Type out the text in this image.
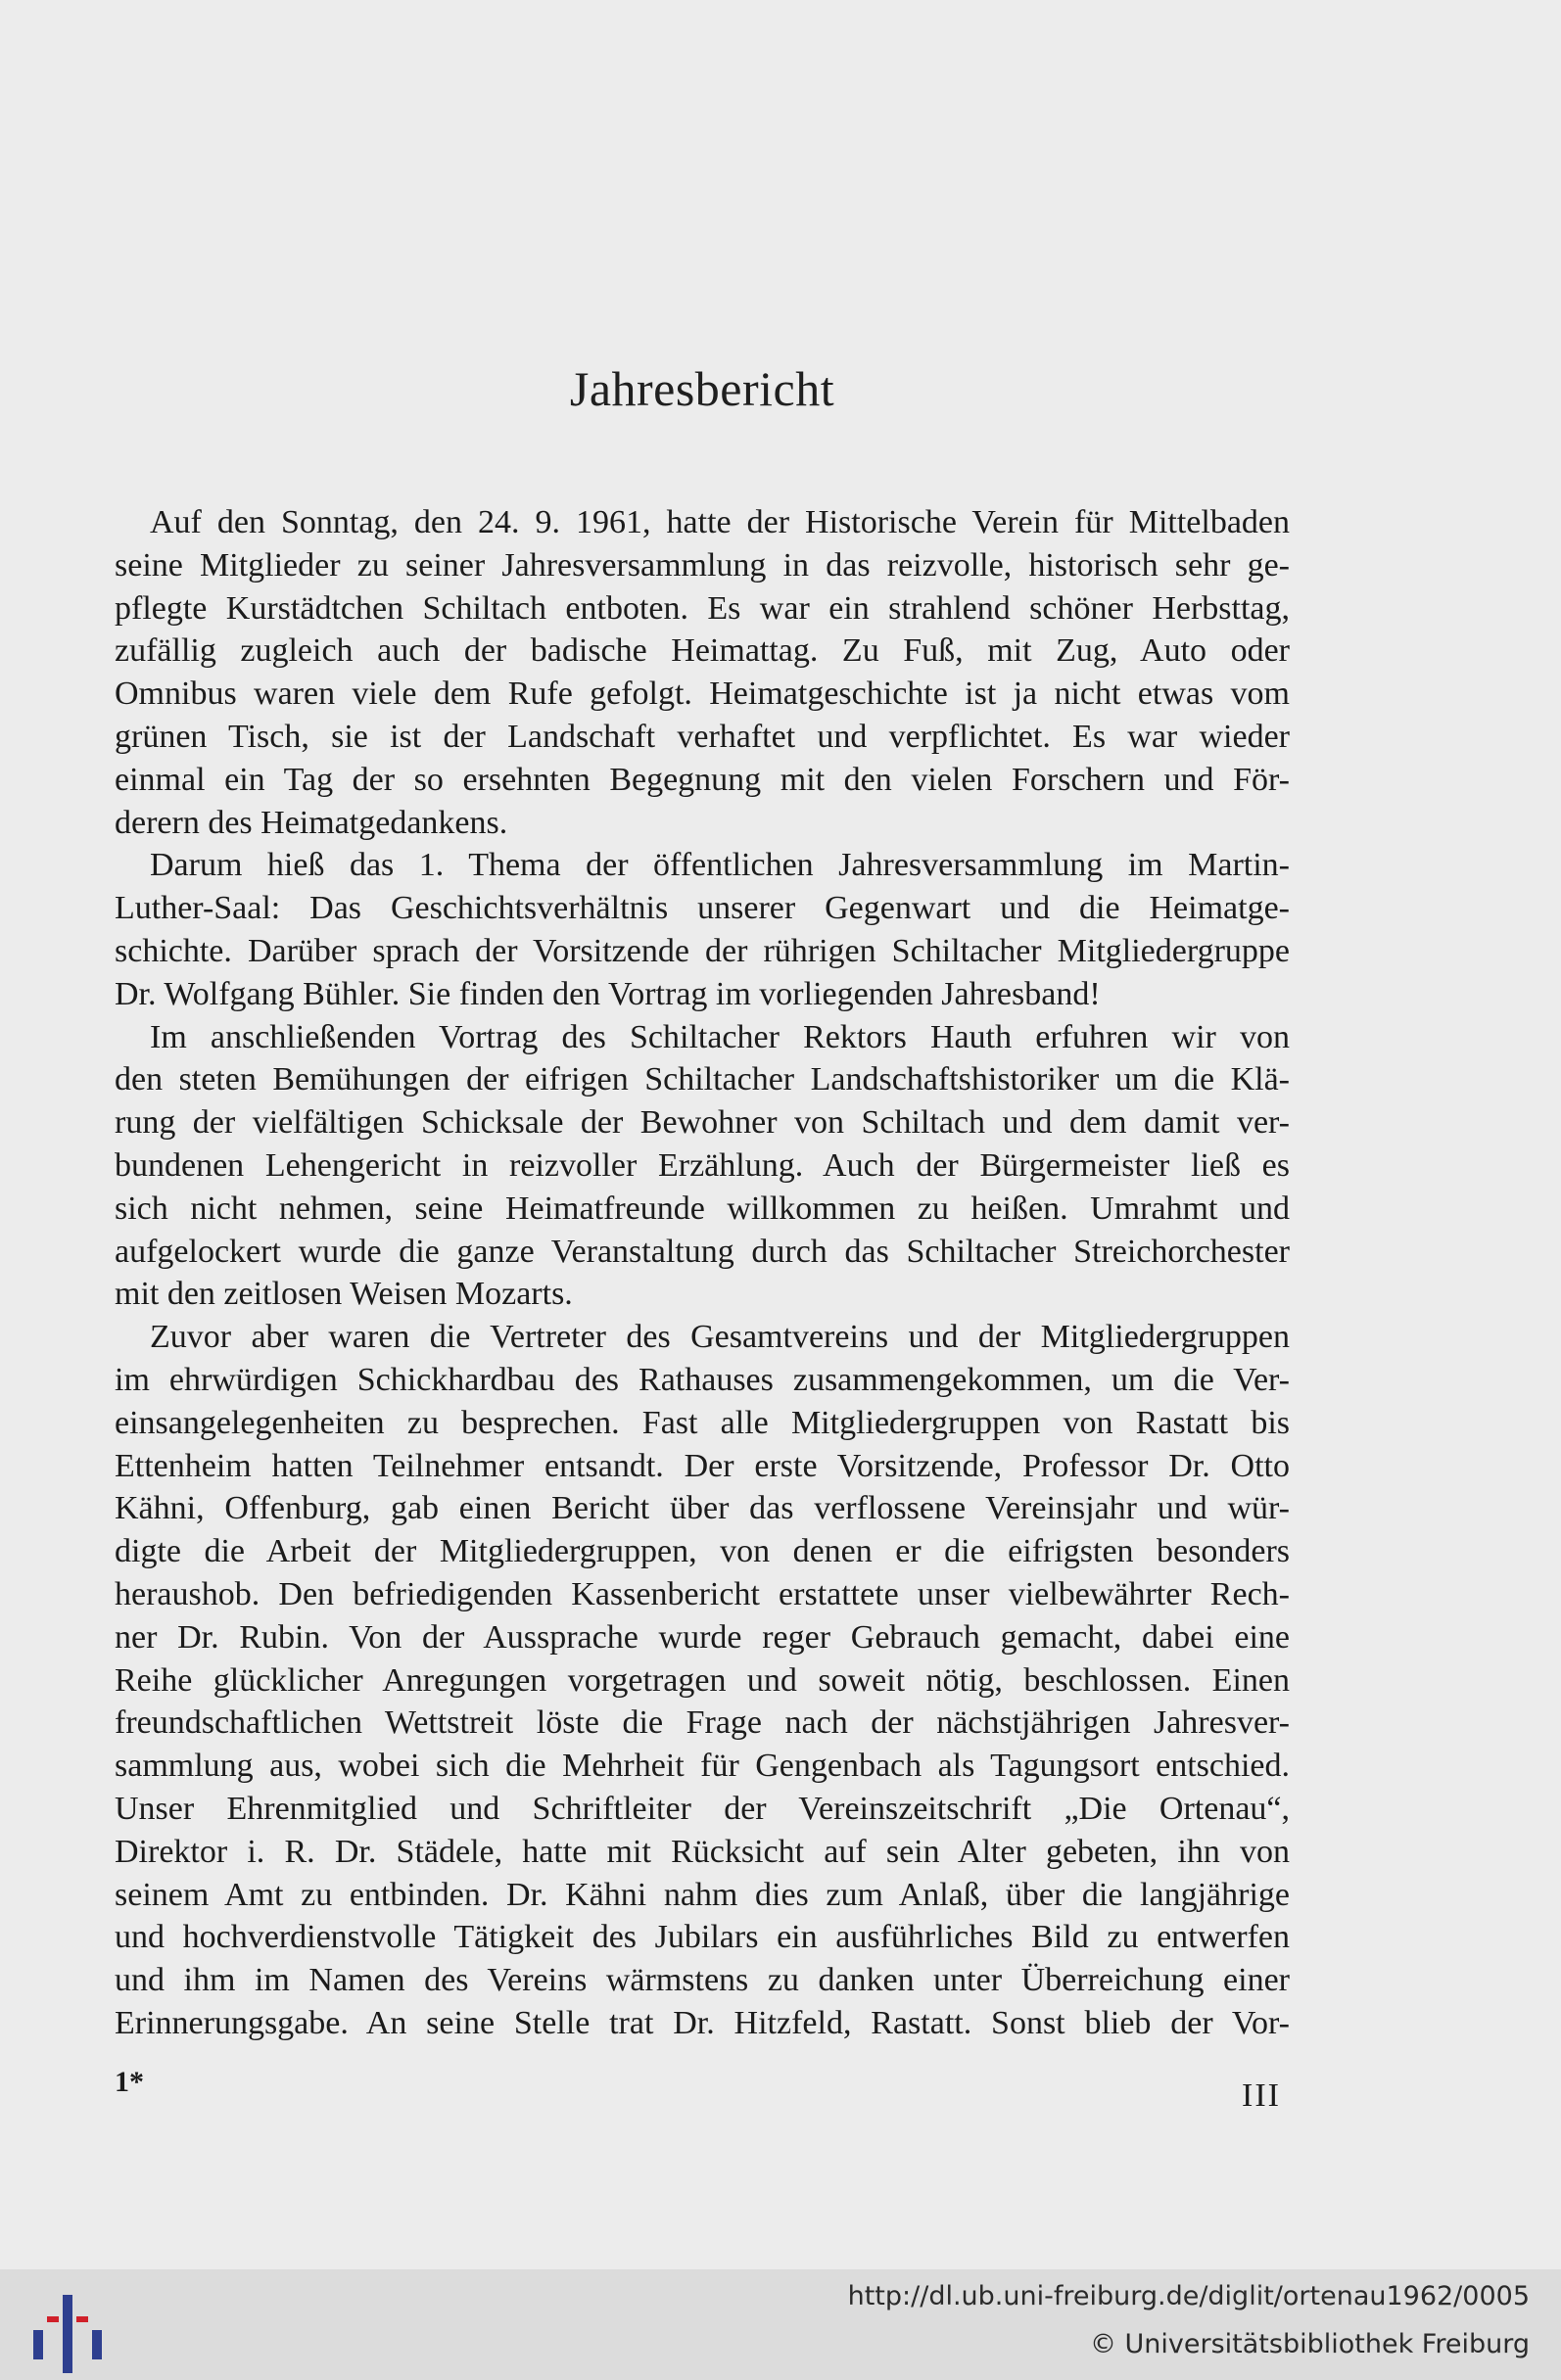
Jahresbericht

Auf den Sonntag, den 24. 9. 1961, hatte der Historische Verein für Mittelbaden
seine Mitglieder zu seiner Jahresversammlung in das reizvolle, historisch sehr ge-
pflegte Kurstädtchen Schiltach entboten. Es war ein strahlend schöner Herbsttag,
zufällig zugleich auch der badische Heimattag. Zu Fuß, mit Zug, Auto oder
Omnibus waren viele dem Rufe gefolgt. Heimatgeschichte ist ja nicht etwas vom
grünen Tisch, sie ist der Landschaft verhaftet und verpflichtet. Es war wieder
einmal ein Tag der so ersehnten Begegnung mit den vielen Forschern und För-
derern des Heimatgedankens.

Darum hieß das 1. Thema der öffentlichen Jahresversammlung im Martin-
Luther-Saal: Das Geschichtsverhältnis unserer Gegenwart und die Heimatge-
schichte. Darüber sprach der Vorsitzende der rührigen Schiltacher Mitgliedergruppe
Dr. Wolfgang Bühler. Sie finden den Vortrag im vorliegenden Jahresband!

Im anschließenden Vortrag des Schiltacher Rektors Hauth erfuhren wir von
den steten Bemühungen der eifrigen Schiltacher Landschaftshistoriker um die Klä-
rung der vielfältigen Schicksale der Bewohner von Schiltach und dem damit ver-
bundenen Lehengericht in reizvoller Erzählung. Auch der Bürgermeister ließ es
sich nicht nehmen, seine Heimatfreunde willkommen zu heißen. Umrahmt und
aufgelockert wurde die ganze Veranstaltung durch das Schiltacher Streichorchester
mit den zeitlosen Weisen Mozarts.

Zuvor aber waren die Vertreter des Gesamtvereins und der Mitgliedergruppen
im ehrwürdigen Schickhardbau des Rathauses zusammengekommen, um die Ver-
einsangelegenheiten zu besprechen. Fast alle Mitgliedergruppen von Rastatt bis
Ettenheim hatten Teilnehmer entsandt. Der erste Vorsitzende, Professor Dr. Otto
Kähni, Offenburg, gab einen Bericht über das verflossene Vereinsjahr und wür-
digte die Arbeit der Mitgliedergruppen, von denen er die eifrigsten besonders
heraushob. Den befriedigenden Kassenbericht erstattete unser vielbewährter Rech-
ner Dr. Rubin. Von der Aussprache wurde reger Gebrauch gemacht, dabei eine
Reihe glücklicher Anregungen vorgetragen und soweit nötig, beschlossen. Einen
freundschaftlichen Wettstreit löste die Frage nach der nächstjährigen Jahresver-
sammlung aus, wobei sich die Mehrheit für Gengenbach als Tagungsort entschied.
Unser Ehrenmitglied und Schriftleiter der Vereinszeitschrift „Die Ortenau“,
Direktor i. R. Dr. Städele, hatte mit Rücksicht auf sein Alter gebeten, ihn von
seinem Amt zu entbinden. Dr. Kähni nahm dies zum Anlaß, über die langjährige
und hochverdienstvolle Tätigkeit des Jubilars ein ausführliches Bild zu entwerfen
und ihm im Namen des Vereins wärmstens zu danken unter Überreichung einer
Erinnerungsgabe. An seine Stelle trat Dr. Hitzfeld, Rastatt. Sonst blieb der Vor-

1*	III
http://dl.ub.uni-freiburg.de/diglit/ortenau1962/0005
© Universitätsbibliothek Freiburg
